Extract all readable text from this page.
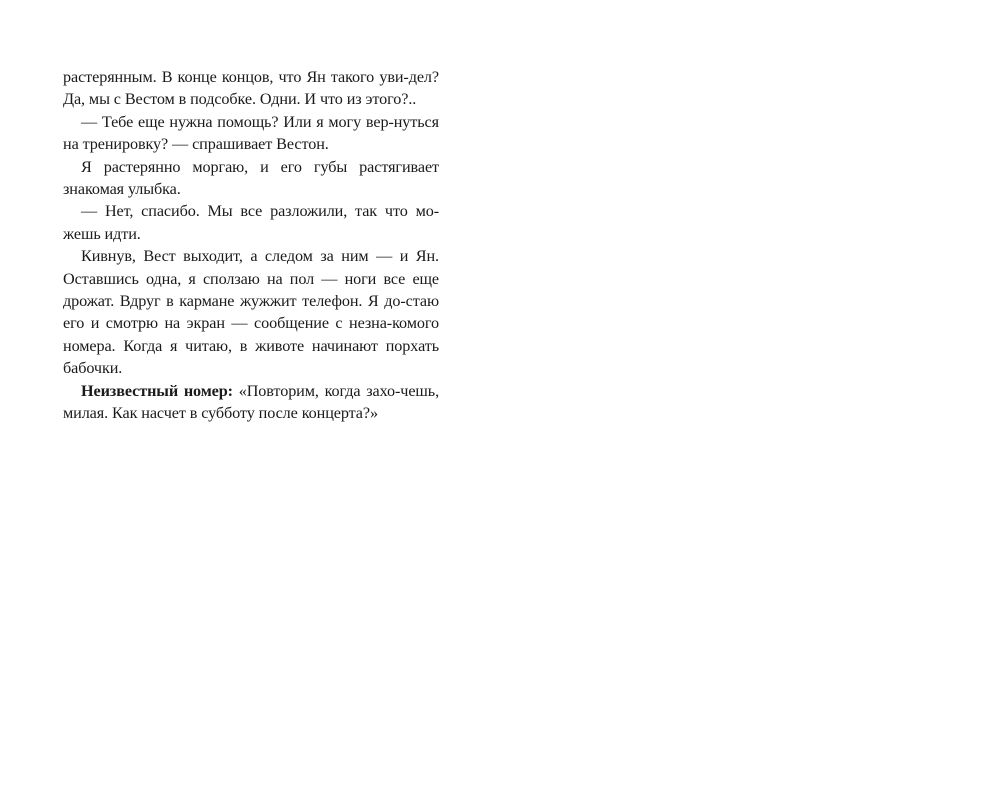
растерянным. В конце концов, что Ян такого уви-дел? Да, мы с Вестом в подсобке. Одни. И что из этого?..

— Тебе еще нужна помощь? Или я могу вер-нуться на тренировку? — спрашивает Вестон.

Я растерянно моргаю, и его губы растягивает знакомая улыбка.

— Нет, спасибо. Мы все разложили, так что мо-жешь идти.

Кивнув, Вест выходит, а следом за ним — и Ян. Оставшись одна, я сползаю на пол — ноги все еще дрожат. Вдруг в кармане жужжит телефон. Я до-стаю его и смотрю на экран — сообщение с незна-комого номера. Когда я читаю, в животе начинают порхать бабочки.

Неизвестный номер: «Повторим, когда захо-чешь, милая. Как насчет в субботу после концерта?»
